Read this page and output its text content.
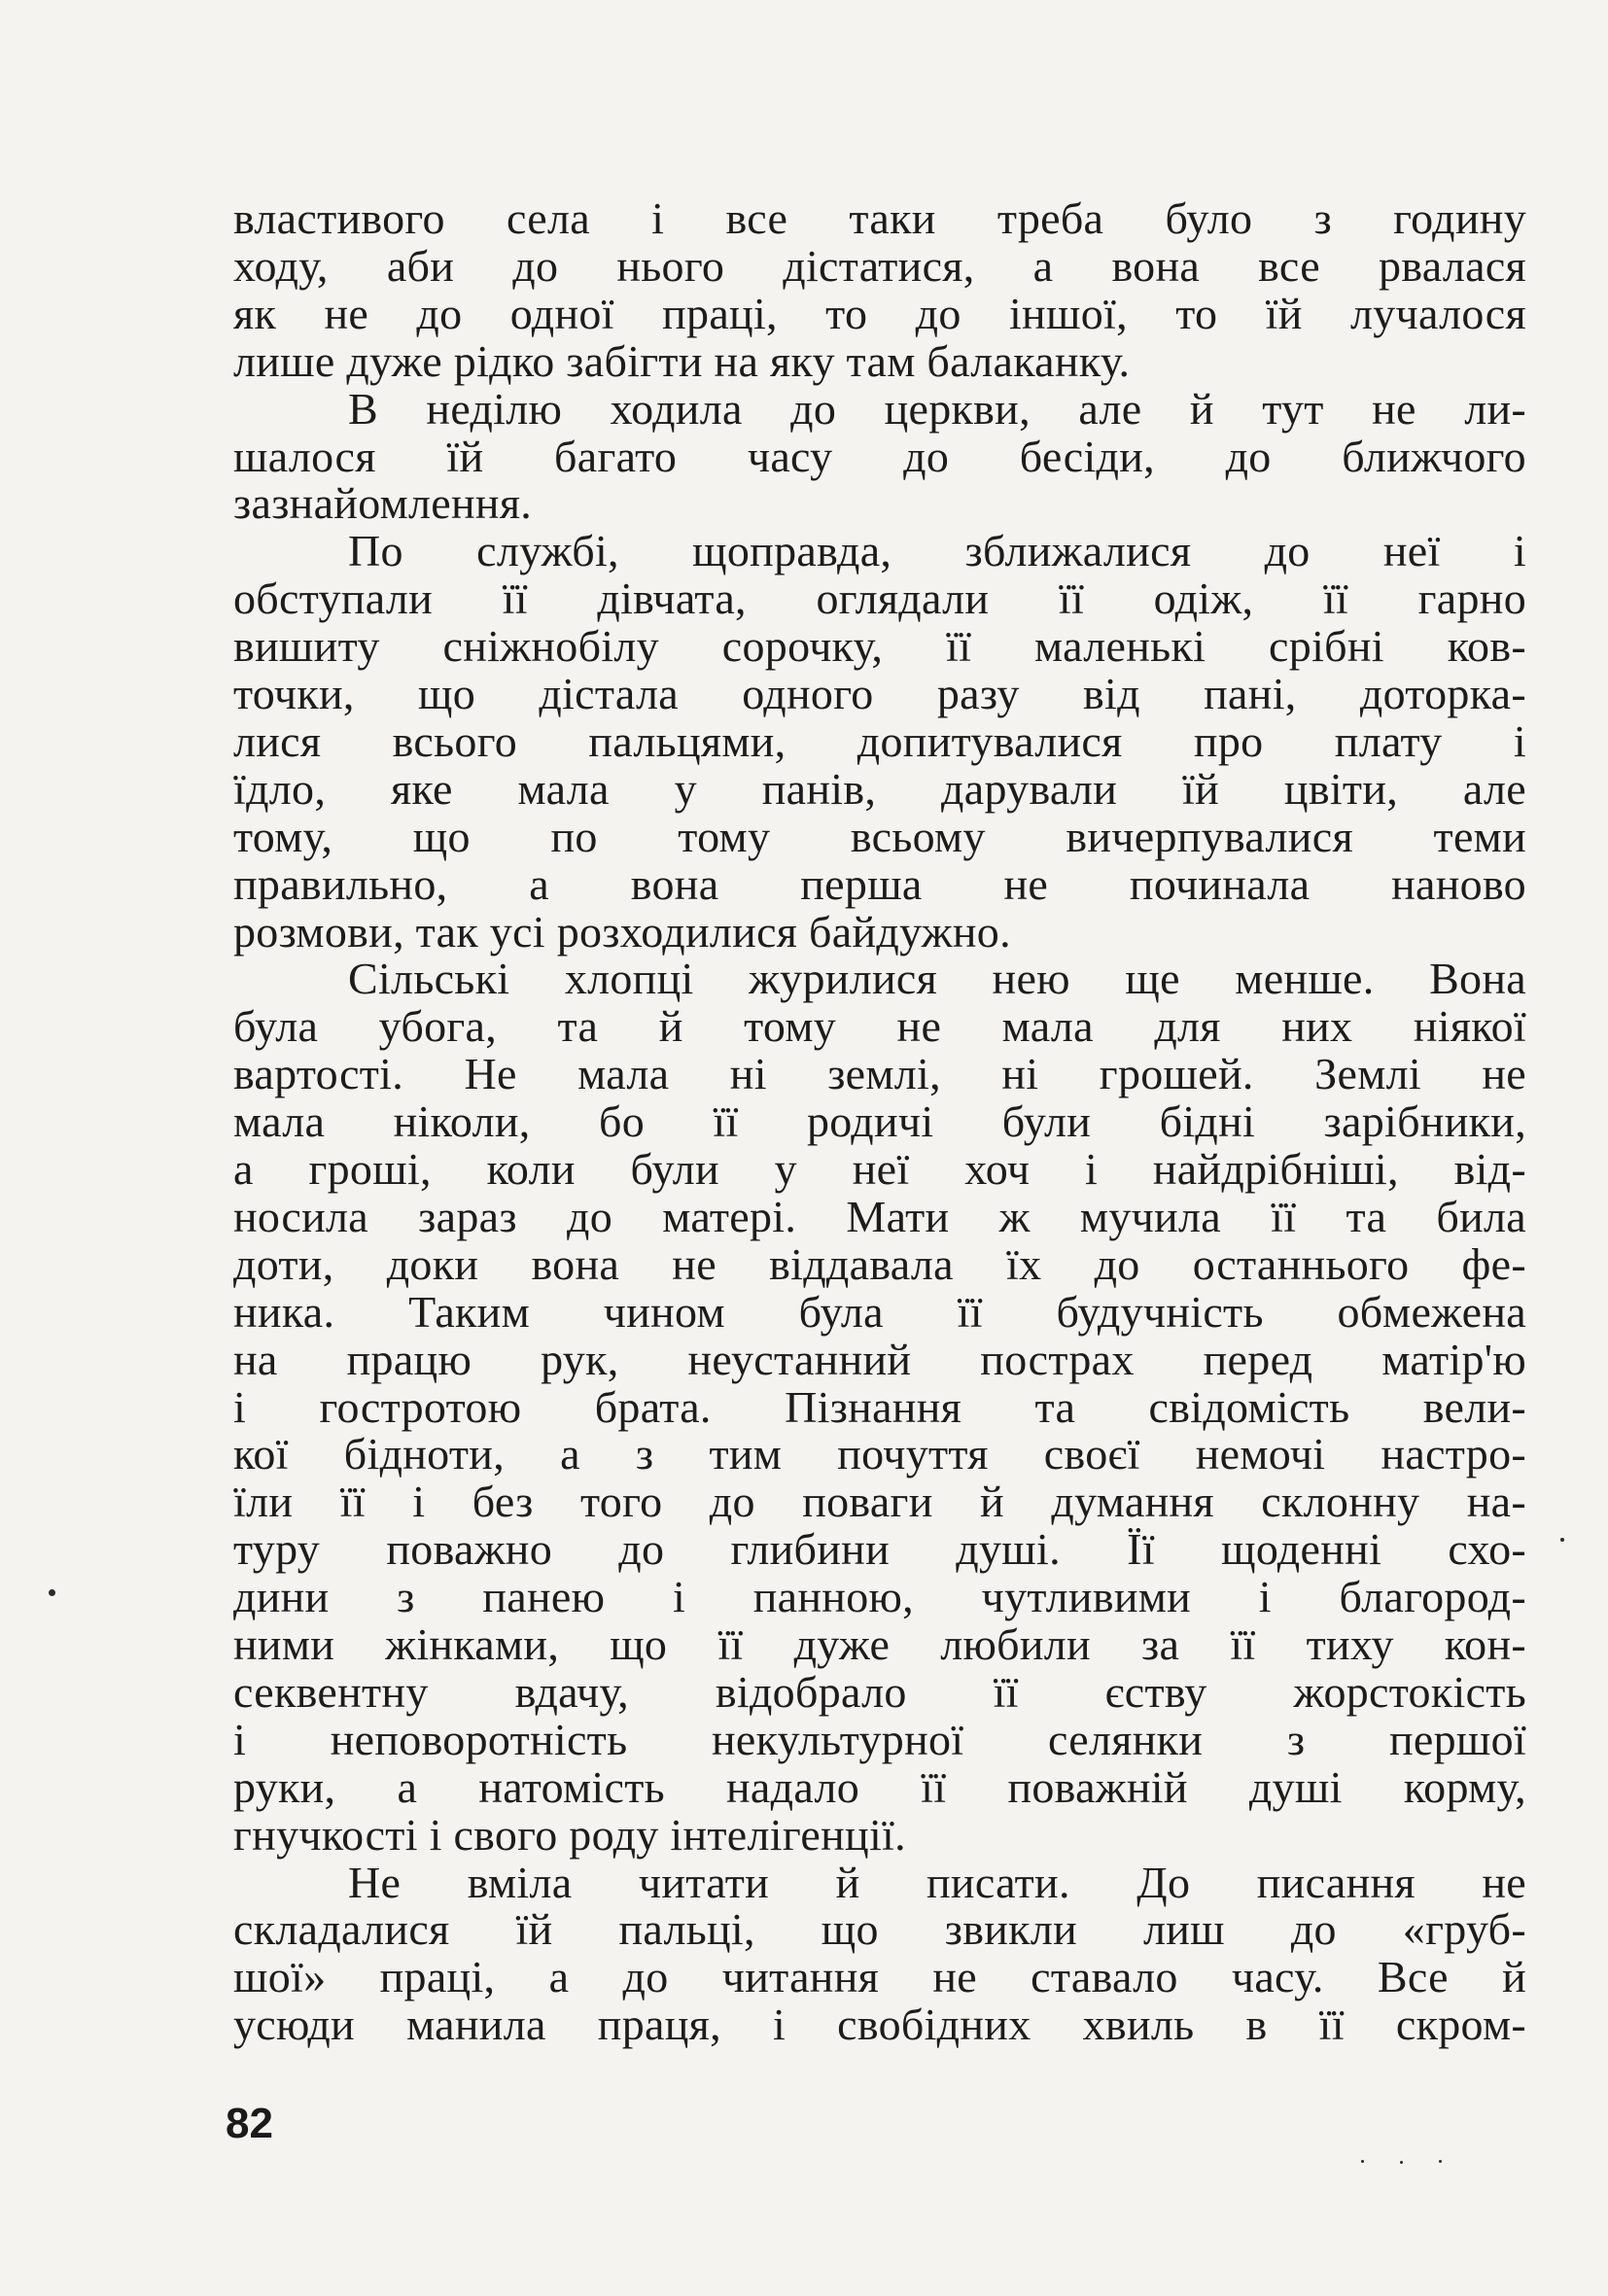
властивого села і все таки треба було з годину
ходу, аби до нього дістатися, а вона все рвалася
як не до одної праці, то до іншої, то їй лучалося
лише дуже рідко забігти на яку там балаканку.
В неділю ходила до церкви, але й тут не ли-
шалося їй багато часу до бесіди, до ближчого
зазнайомлення.
По службі, щоправда, зближалися до неї і
обступали її дівчата, оглядали її одіж, її гарно
вишиту сніжнобілу сорочку, її маленькі срібні ков-
точки, що дістала одного разу від пані, доторка-
лися всього пальцями, допитувалися про плату і
їдло, яке мала у панів, дарували їй цвіти, але
тому, що по тому всьому вичерпувалися теми
правильно, а вона перша не починала наново
розмови, так усі розходилися байдужно.
Сільські хлопці журилися нею ще менше. Вона
була убога, та й тому не мала для них ніякої
вартості. Не мала ні землі, ні грошей. Землі не
мала ніколи, бо її родичі були бідні зарібники,
а гроші, коли були у неї хоч і найдрібніші, від-
носила зараз до матері. Мати ж мучила її та била
доти, доки вона не віддавала їх до останнього фе-
ника. Таким чином була її будучність обмежена
на працю рук, неустанний пострах перед матір'ю
і гостротою брата. Пізнання та свідомість вели-
кої бідноти, а з тим почуття своєї немочі настро-
їли її і без того до поваги й думання склонну на-
туру поважно до глибини душі. Її щоденні схо-
дини з панею і панною, чутливими і благород-
ними жінками, що її дуже любили за її тиху кон-
секвентну вдачу, відобрало її єству жорстокість
і неповоротність некультурної селянки з першої
руки, а натомість надало її поважній душі корму,
гнучкості і свого роду інтелігенції.
Не вміла читати й писати. До писання не
складалися їй пальці, що звикли лиш до «груб-
шої» праці, а до читання не ставало часу. Все й
усюди манила праця, і свобідних хвиль в її скром-
82
